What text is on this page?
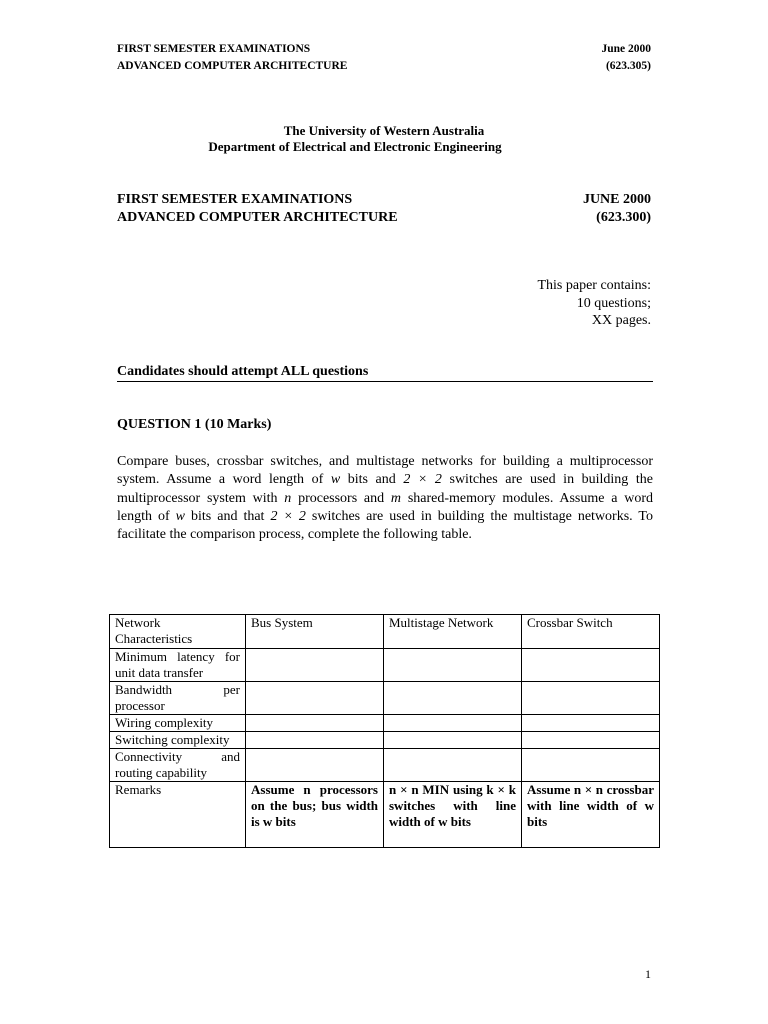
FIRST SEMESTER EXAMINATIONS
ADVANCED COMPUTER ARCHITECTURE
June 2000
(623.305)
The University of Western Australia
Department of Electrical and Electronic Engineering
FIRST SEMESTER EXAMINATIONS
ADVANCED COMPUTER ARCHITECTURE
JUNE 2000
(623.300)
This paper contains:
10 questions;
XX pages.
Candidates should attempt ALL questions
QUESTION 1 (10 Marks)
Compare buses, crossbar switches, and multistage networks for building a multiprocessor system. Assume a word length of w bits and 2 × 2 switches are used in building the multiprocessor system with n processors and m shared-memory modules. Assume a word length of w bits and that 2 × 2 switches are used in building the multistage networks. To facilitate the comparison process, complete the following table.
Network Characteristics	Bus System	Multistage Network	Crossbar Switch
Minimum latency for unit data transfer			
Bandwidth per processor			
Wiring complexity			
Switching complexity			
Connectivity and routing capability			
Remarks	Assume n processors on the bus; bus width is w bits	n × n MIN using k × k switches with line width of w bits	Assume n × n crossbar with line width of w bits
1
